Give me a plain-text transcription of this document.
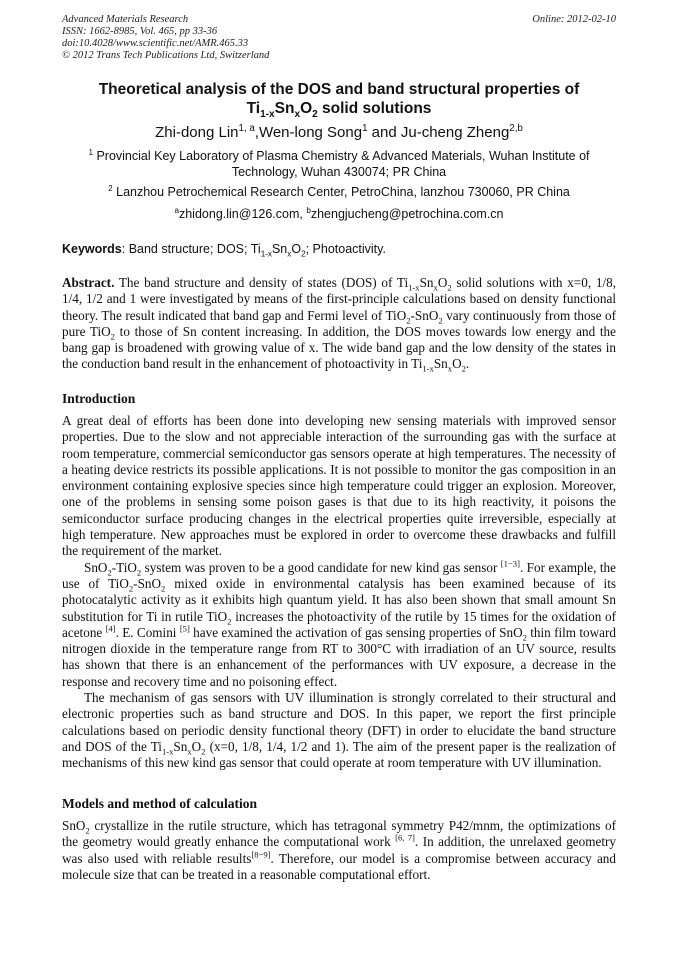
Advanced Materials Research
ISSN: 1662-8985, Vol. 465, pp 33-36
doi:10.4028/www.scientific.net/AMR.465.33
© 2012 Trans Tech Publications Ltd, Switzerland
Online: 2012-02-10
Theoretical analysis of the DOS and band structural properties of
$Ti_{1-x}Sn_xO_2$ solid solutions
Zhi-dong Lin$^{1, a}$,Wen-long Song$^1$ and Ju-cheng Zheng$^{2,b}$
$^1$ Provincial Key Laboratory of Plasma Chemistry & Advanced Materials, Wuhan Institute of Technology, Wuhan 430074; PR China
$^2$ Lanzhou Petrochemical Research Center, PetroChina, lanzhou 730060, PR China
$^a$zhidong.lin@126.com, $^b$zhengjucheng@petrochina.com.cn
Keywords: Band structure; DOS; $Ti_{1-x}Sn_xO_2$; Photoactivity.

Abstract. The band structure and density of states (DOS) of $Ti_{1-x}Sn_xO_2$ solid solutions with x=0, 1/8, 1/4, 1/2 and 1 were investigated by means of the first-principle calculations based on density functional theory. The result indicated that band gap and Fermi level of TiO$_2$-SnO$_2$ vary continuously from those of pure TiO$_2$ to those of Sn content increasing. In addition, the DOS moves towards low energy and the bang gap is broadened with growing value of x. The wide band gap and the low density of the states in the conduction band result in the enhancement of photoactivity in $Ti_{1-x}Sn_xO_2$.

Introduction

A great deal of efforts has been done into developing new sensing materials with improved sensor properties. Due to the slow and not appreciable interaction of the surrounding gas with the surface at room temperature, commercial semiconductor gas sensors operate at high temperatures. The necessity of a heating device restricts its possible applications. It is not possible to monitor the gas composition in an environment containing explosive species since high temperature could trigger an explosion. Moreover, one of the problems in sensing some poison gases is that due to its high reactivity, it poisons the semiconductor surface producing changes in the electrical properties quite irreversible, especially at high temperature. New approaches must be explored in order to overcome these drawbacks and fulfill the requirement of the market.

SnO$_2$-TiO$_2$ system was proven to be a good candidate for new kind gas sensor [1−3]. For example, the use of TiO$_2$-SnO$_2$ mixed oxide in environmental catalysis has been examined because of its photocatalytic activity as it exhibits high quantum yield. It has also been shown that small amount Sn substitution for Ti in rutile TiO$_2$ increases the photoactivity of the rutile by 15 times for the oxidation of acetone [4]. E. Comini [5] have examined the activation of gas sensing properties of SnO$_2$ thin film toward nitrogen dioxide in the temperature range from RT to 300°C with irradiation of an UV source, results has shown that there is an enhancement of the performances with UV exposure, a decrease in the response and recovery time and no poisoning effect.

The mechanism of gas sensors with UV illumination is strongly correlated to their structural and electronic properties such as band structure and DOS. In this paper, we report the first principle calculations based on periodic density functional theory (DFT) in order to elucidate the band structure and DOS of the $Ti_{1-x}Sn_xO_2$ (x=0, 1/8, 1/4, 1/2 and 1). The aim of the present paper is the realization of mechanisms of this new kind gas sensor that could operate at room temperature with UV illumination.

Models and method of calculation

SnO$_2$ crystallize in the rutile structure, which has tetragonal symmetry P42/mnm, the optimizations of the geometry would greatly enhance the computational work [6, 7]. In addition, the unrelaxed geometry was also used with reliable results[8−9]. Therefore, our model is a compromise between accuracy and molecule size that can be treated in a reasonable computational effort.
